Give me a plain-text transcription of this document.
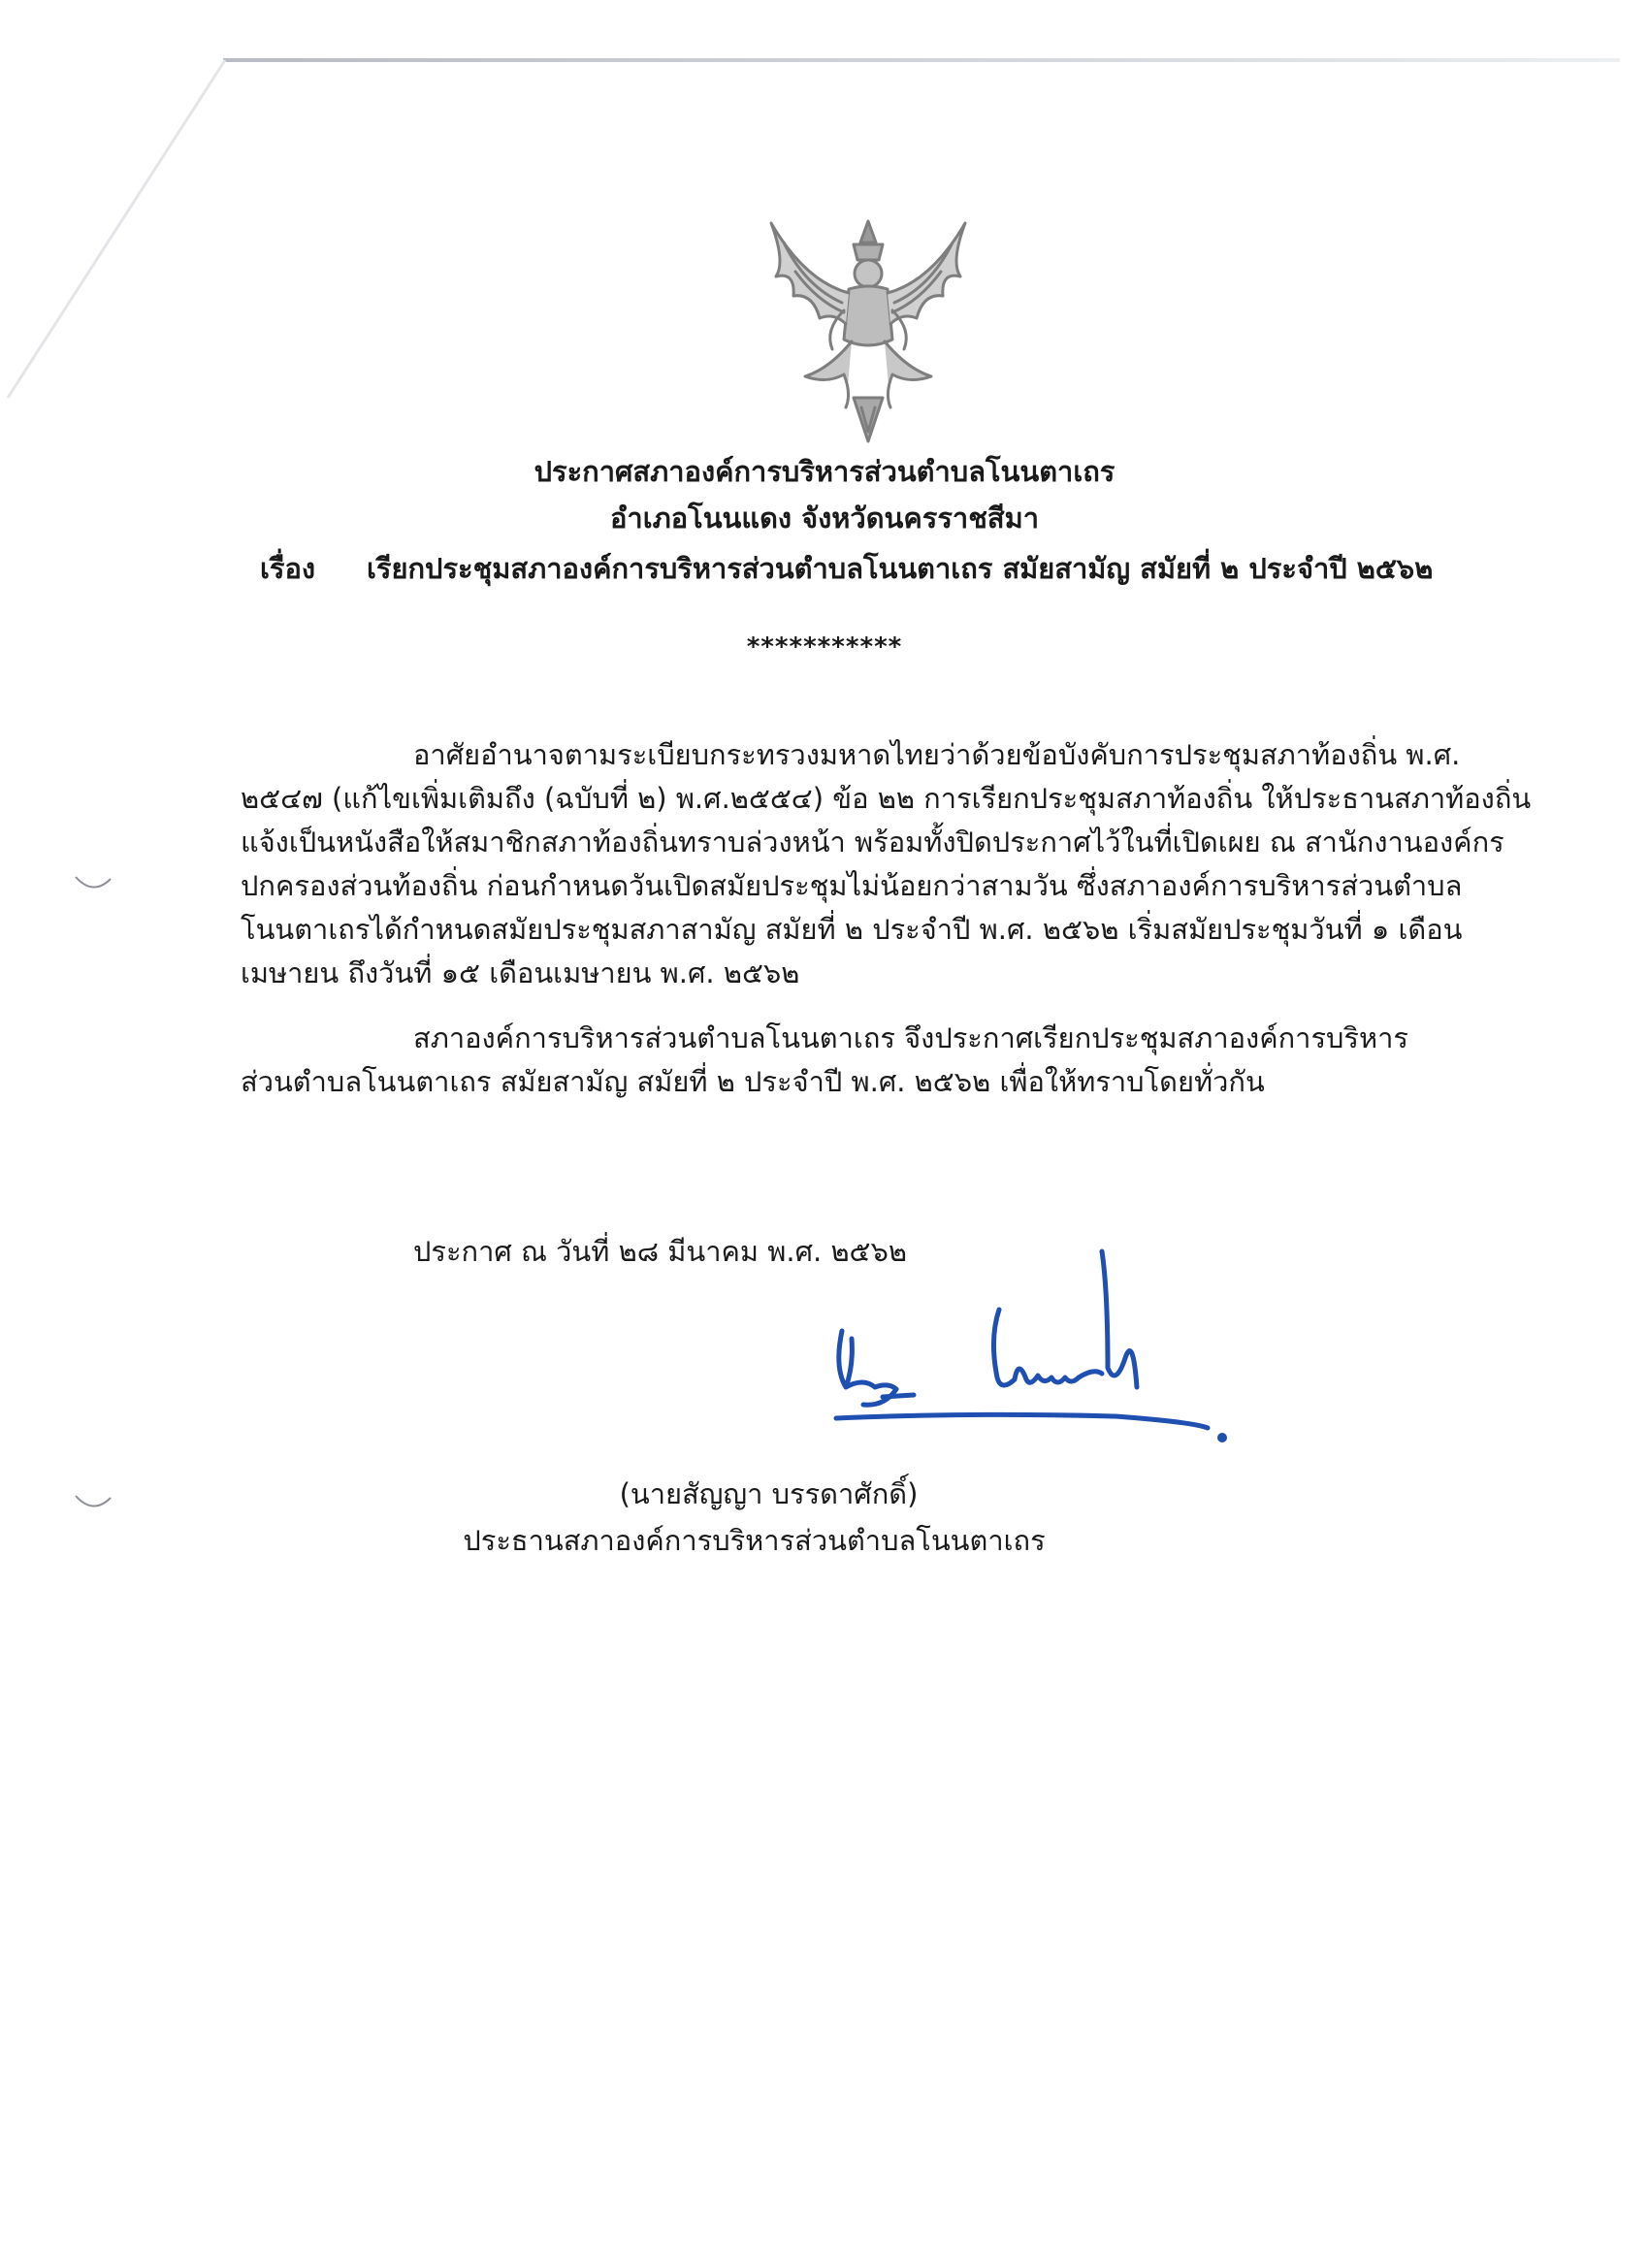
ประกาศสภาองค์การบริหารส่วนตำบลโนนตาเถร
อำเภอโนนแดง จังหวัดนครราชสีมา
เรื่อง เรียกประชุมสภาองค์การบริหารส่วนตำบลโนนตาเถร สมัยสามัญ สมัยที่ ๒ ประจำปี ๒๕๖๒
***********
อาศัยอำนาจตามระเบียบกระทรวงมหาดไทยว่าด้วยข้อบังคับการประชุมสภาท้องถิ่น พ.ศ.
๒๕๔๗ (แก้ไขเพิ่มเติมถึง (ฉบับที่ ๒) พ.ศ.๒๕๕๔) ข้อ ๒๒ การเรียกประชุมสภาท้องถิ่น ให้ประธานสภาท้องถิ่น
แจ้งเป็นหนังสือให้สมาชิกสภาท้องถิ่นทราบล่วงหน้า พร้อมทั้งปิดประกาศไว้ในที่เปิดเผย ณ สานักงานองค์กร
ปกครองส่วนท้องถิ่น ก่อนกำหนดวันเปิดสมัยประชุมไม่น้อยกว่าสามวัน ซึ่งสภาองค์การบริหารส่วนตำบล
โนนตาเถรได้กำหนดสมัยประชุมสภาสามัญ สมัยที่ ๒ ประจำปี พ.ศ. ๒๕๖๒ เริ่มสมัยประชุมวันที่ ๑ เดือน
เมษายน ถึงวันที่ ๑๕ เดือนเมษายน พ.ศ. ๒๕๖๒
สภาองค์การบริหารส่วนตำบลโนนตาเถร จึงประกาศเรียกประชุมสภาองค์การบริหาร
ส่วนตำบลโนนตาเถร สมัยสามัญ สมัยที่ ๒ ประจำปี พ.ศ. ๒๕๖๒ เพื่อให้ทราบโดยทั่วกัน
ประกาศ ณ วันที่ ๒๘ มีนาคม พ.ศ. ๒๕๖๒
(นายสัญญา บรรดาศักดิ์)
ประธานสภาองค์การบริหารส่วนตำบลโนนตาเถร
